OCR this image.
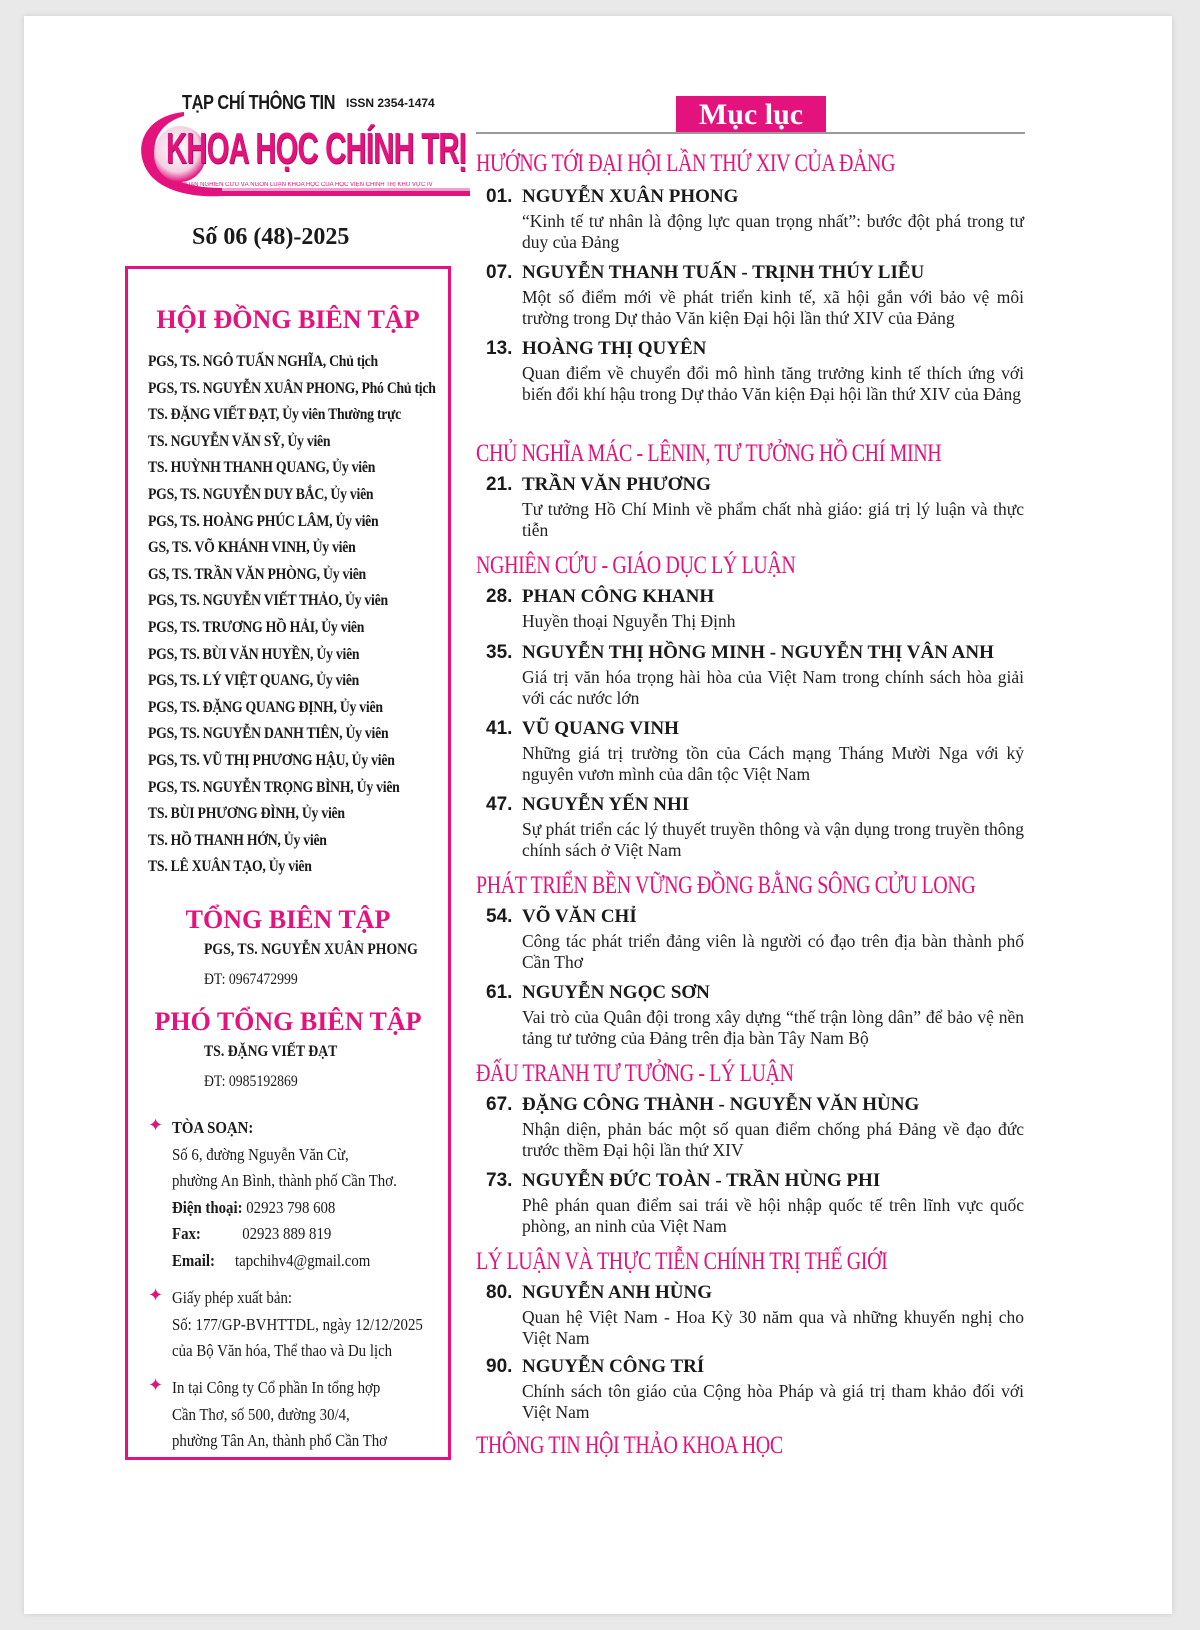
TẠP CHÍ THÔNG TIN ISSN 2354-1474
KHOA HỌC CHÍNH TRỊ
CƠ QUAN NGHIÊN CỨU VÀ NGÔN LUẬN KHOA HỌC CỦA HỌC VIỆN CHÍNH TRỊ KHU VỰC IV
Số 06 (48)-2025
HỘI ĐỒNG BIÊN TẬP
PGS, TS. NGÔ TUẤN NGHĨA, Chủ tịch
PGS, TS. NGUYỄN XUÂN PHONG, Phó Chủ tịch
TS. ĐẶNG VIẾT ĐẠT, Ủy viên Thường trực
TS. NGUYỄN VĂN SỸ, Ủy viên
TS. HUỲNH THANH QUANG, Ủy viên
PGS, TS. NGUYỄN DUY BẮC, Ủy viên
PGS, TS. HOÀNG PHÚC LÂM, Ủy viên
GS, TS. VÕ KHÁNH VINH, Ủy viên
GS, TS. TRẦN VĂN PHÒNG, Ủy viên
PGS, TS. NGUYỄN VIẾT THẢO, Ủy viên
PGS, TS. TRƯƠNG HỒ HẢI, Ủy viên
PGS, TS. BÙI VĂN HUYỀN, Ủy viên
PGS, TS. LÝ VIỆT QUANG, Ủy viên
PGS, TS. ĐẶNG QUANG ĐỊNH, Ủy viên
PGS, TS. NGUYỄN DANH TIÊN, Ủy viên
PGS, TS. VŨ THỊ PHƯƠNG HẬU, Ủy viên
PGS, TS. NGUYỄN TRỌNG BÌNH, Ủy viên
TS. BÙI PHƯƠNG ĐÌNH, Ủy viên
TS. HỒ THANH HỚN, Ủy viên
TS. LÊ XUÂN TẠO, Ủy viên
TỔNG BIÊN TẬP
PGS, TS. NGUYỄN XUÂN PHONG
ĐT: 0967472999
PHÓ TỔNG BIÊN TẬP
TS. ĐẶNG VIẾT ĐẠT
ĐT: 0985192869
✦ TÒA SOẠN:
Số 6, đường Nguyễn Văn Cừ,
phường An Bình, thành phố Cần Thơ.
Điện thoại: 02923 798 608
Fax:	02923 889 819
Email: tapchihv4@gmail.com
✦ Giấy phép xuất bản:
Số: 177/GP-BVHTTDL, ngày 12/12/2025
của Bộ Văn hóa, Thể thao và Du lịch
✦ In tại Công ty Cổ phần In tổng hợp
Cần Thơ, số 500, đường 30/4,
phường Tân An, thành phố Cần Thơ
Mục lục
HƯỚNG TỚI ĐẠI HỘI LẦN THỨ XIV CỦA ĐẢNG
01. NGUYỄN XUÂN PHONG
“Kinh tế tư nhân là động lực quan trọng nhất”: bước đột phá trong tư duy của Đảng
07. NGUYỄN THANH TUẤN - TRỊNH THÚY LIỄU
Một số điểm mới về phát triển kinh tế, xã hội gắn với bảo vệ môi trường trong Dự thảo Văn kiện Đại hội lần thứ XIV của Đảng
13. HOÀNG THỊ QUYÊN
Quan điểm về chuyển đổi mô hình tăng trưởng kinh tế thích ứng với biến đổi khí hậu trong Dự thảo Văn kiện Đại hội lần thứ XIV của Đảng
CHỦ NGHĨA MÁC - LÊNIN, TƯ TƯỞNG HỒ CHÍ MINH
21. TRẦN VĂN PHƯƠNG
Tư tưởng Hồ Chí Minh về phẩm chất nhà giáo: giá trị lý luận và thực tiễn
NGHIÊN CỨU - GIÁO DỤC LÝ LUẬN
28. PHAN CÔNG KHANH
Huyền thoại Nguyễn Thị Định
35. NGUYỄN THỊ HỒNG MINH - NGUYỄN THỊ VÂN ANH
Giá trị văn hóa trọng hài hòa của Việt Nam trong chính sách hòa giải với các nước lớn
41. VŨ QUANG VINH
Những giá trị trường tồn của Cách mạng Tháng Mười Nga với kỷ nguyên vươn mình của dân tộc Việt Nam
47. NGUYỄN YẾN NHI
Sự phát triển các lý thuyết truyền thông và vận dụng trong truyền thông chính sách ở Việt Nam
PHÁT TRIỂN BỀN VỮNG ĐỒNG BẰNG SÔNG CỬU LONG
54. VÕ VĂN CHỈ
Công tác phát triển đảng viên là người có đạo trên địa bàn thành phố Cần Thơ
61. NGUYỄN NGỌC SƠN
Vai trò của Quân đội trong xây dựng “thế trận lòng dân” để bảo vệ nền tảng tư tưởng của Đảng trên địa bàn Tây Nam Bộ
ĐẤU TRANH TƯ TƯỞNG - LÝ LUẬN
67. ĐẶNG CÔNG THÀNH - NGUYỄN VĂN HÙNG
Nhận diện, phản bác một số quan điểm chống phá Đảng về đạo đức trước thềm Đại hội lần thứ XIV
73. NGUYỄN ĐỨC TOÀN - TRẦN HÙNG PHI
Phê phán quan điểm sai trái về hội nhập quốc tế trên lĩnh vực quốc phòng, an ninh của Việt Nam
LÝ LUẬN VÀ THỰC TIỄN CHÍNH TRỊ THẾ GIỚI
80. NGUYỄN ANH HÙNG
Quan hệ Việt Nam - Hoa Kỳ 30 năm qua và những khuyến nghị cho Việt Nam
90. NGUYỄN CÔNG TRÍ
Chính sách tôn giáo của Cộng hòa Pháp và giá trị tham khảo đối với Việt Nam
THÔNG TIN HỘI THẢO KHOA HỌC
